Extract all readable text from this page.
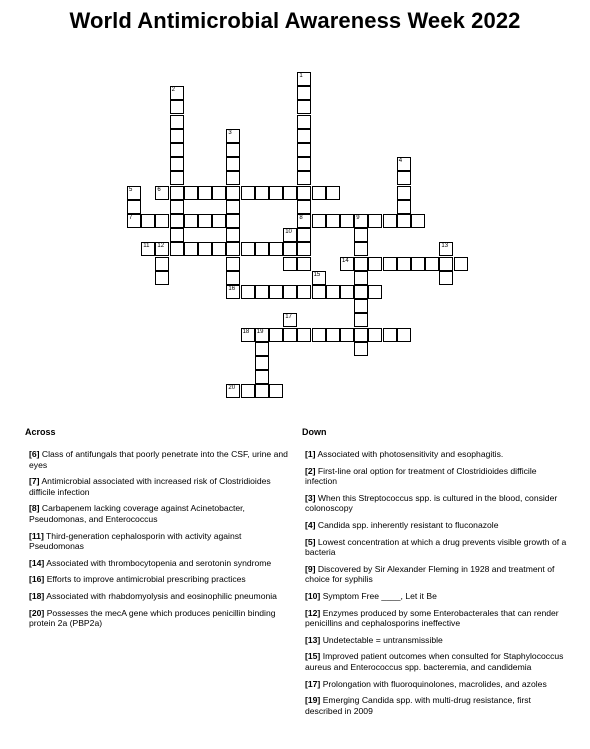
World Antimicrobial Awareness Week 2022
6
7	8	9
11 12
14
16
18 19
20
1
2
3
4
5
10
13
15
17
Across	Down
[6] Class of antifungals that poorly penetrate into the CSF, urine and eyes
[7] Antimicrobial associated with increased risk of Clostridioides difficile infection
[8] Carbapenem lacking coverage against Acinetobacter, Pseudomonas, and Enterococcus
[11] Third-generation cephalosporin with activity against Pseudomonas
[14] Associated with thrombocytopenia and serotonin syndrome
[16] Efforts to improve antimicrobial prescribing practices
[18] Associated with rhabdomyolysis and eosinophilic pneumonia
[20] Possesses the mecA gene which produces penicillin binding protein 2a (PBP2a)
[1] Associated with photosensitivity and esophagitis.
[2] First-line oral option for treatment of Clostridioides difficile infection
[3] When this Streptococcus spp. is cultured in the blood, consider colonoscopy
[4] Candida spp. inherently resistant to fluconazole
[5] Lowest concentration at which a drug prevents visible growth of a bacteria
[9] Discovered by Sir Alexander Fleming in 1928 and treatment of choice for syphilis
[10] Symptom Free ____, Let it Be
[12] Enzymes produced by some Enterobacterales that can render penicillins and cephalosporins ineffective
[13] Undetectable = untransmissible
[15] Improved patient outcomes when consulted for Staphylococcus aureus and Enterococcus spp. bacteremia, and candidemia
[17] Prolongation with fluoroquinolones, macrolides, and azoles
[19] Emerging Candida spp. with multi-drug resistance, first described in 2009
